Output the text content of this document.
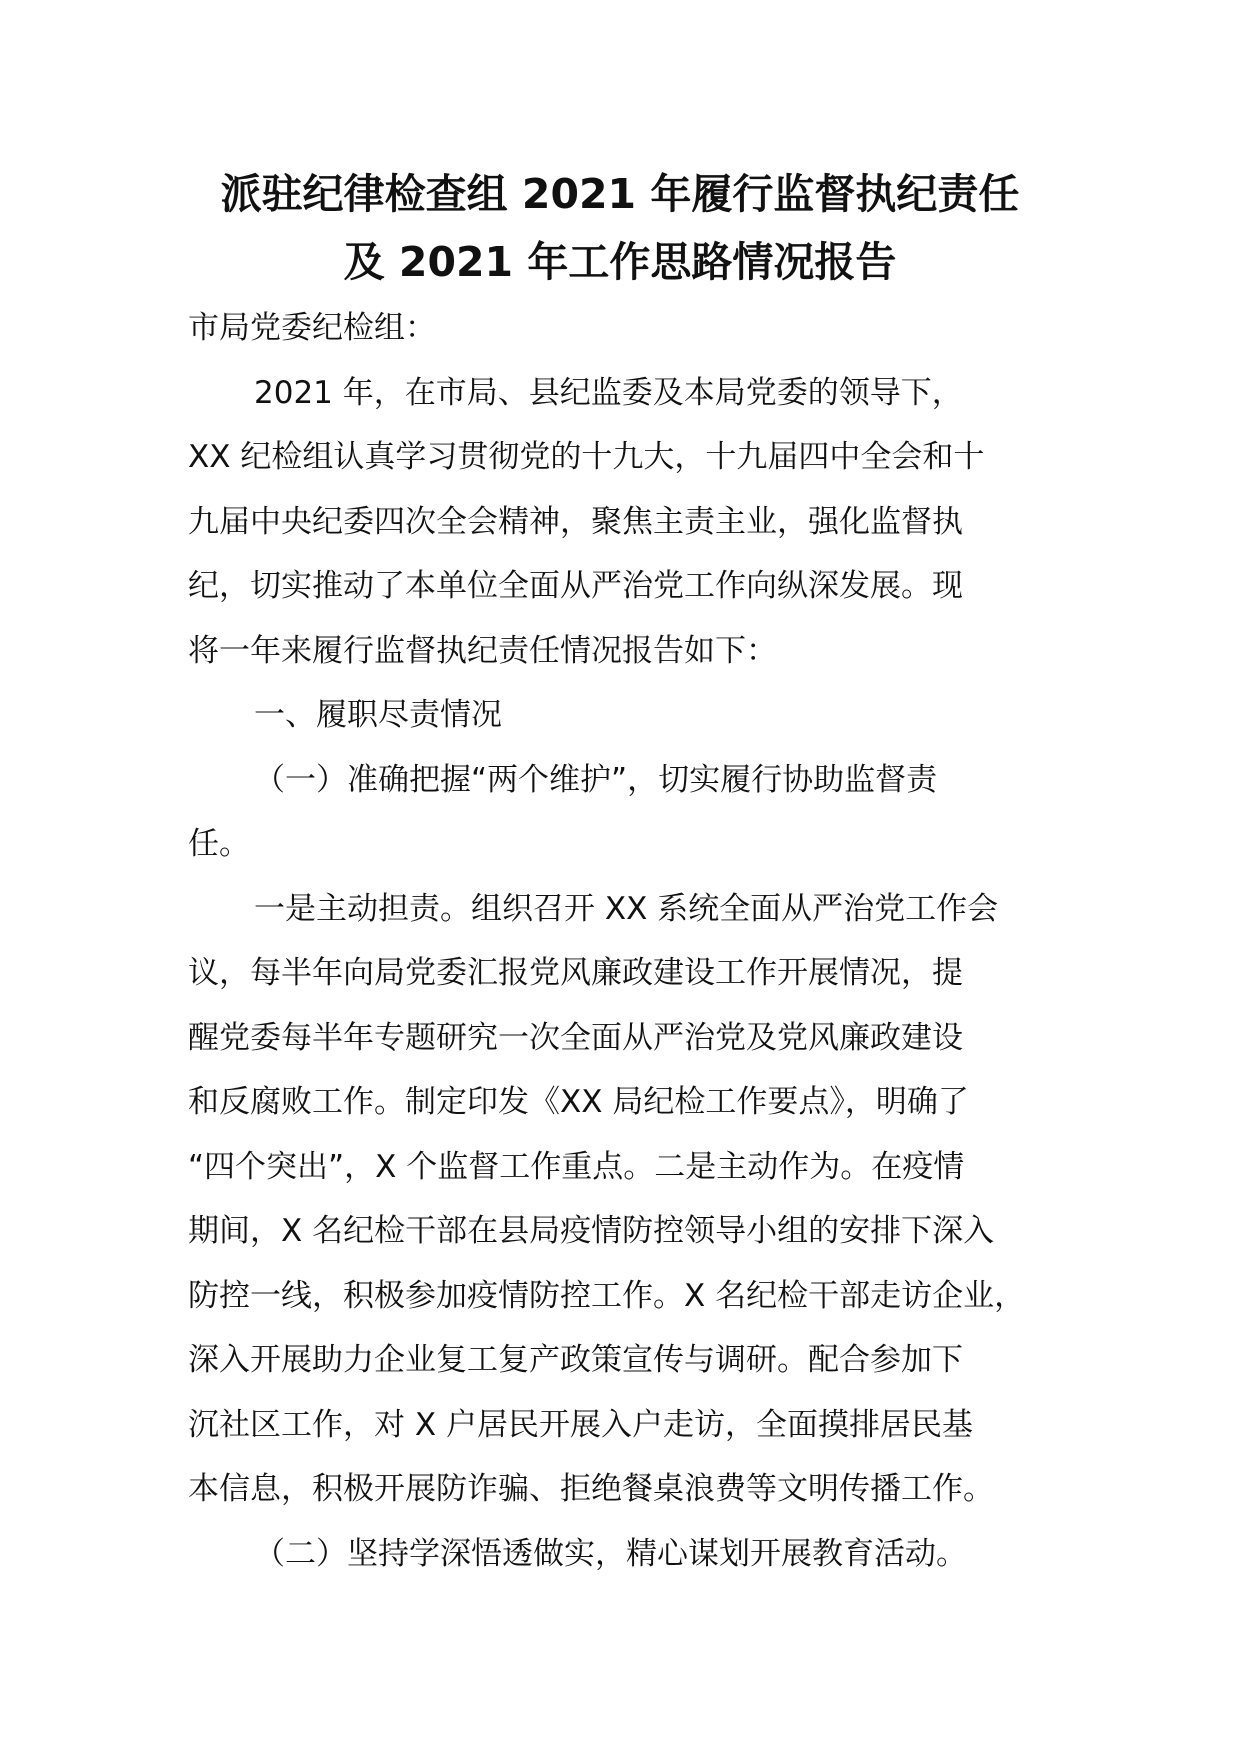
派驻纪律检查组 2021 年履行监督执纪责任
及 2021 年工作思路情况报告
市局党委纪检组：
2021 年，在市局、县纪监委及本局党委的领导下，
XX 纪检组认真学习贯彻党的十九大，十九届四中全会和十
九届中央纪委四次全会精神，聚焦主责主业，强化监督执
纪，切实推动了本单位全面从严治党工作向纵深发展。现
将一年来履行监督执纪责任情况报告如下：
一、履职尽责情况
（一）准确把握“两个维护”，切实履行协助监督责
任。
一是主动担责。组织召开 XX 系统全面从严治党工作会
议，每半年向局党委汇报党风廉政建设工作开展情况，提
醒党委每半年专题研究一次全面从严治党及党风廉政建设
和反腐败工作。制定印发《XX 局纪检工作要点》，明确了
“四个突出”，X 个监督工作重点。二是主动作为。在疫情
期间，X 名纪检干部在县局疫情防控领导小组的安排下深入
防控一线，积极参加疫情防控工作。X 名纪检干部走访企业，
深入开展助力企业复工复产政策宣传与调研。配合参加下
沉社区工作，对 X 户居民开展入户走访，全面摸排居民基
本信息，积极开展防诈骗、拒绝餐桌浪费等文明传播工作。
（二）坚持学深悟透做实，精心谋划开展教育活动。
